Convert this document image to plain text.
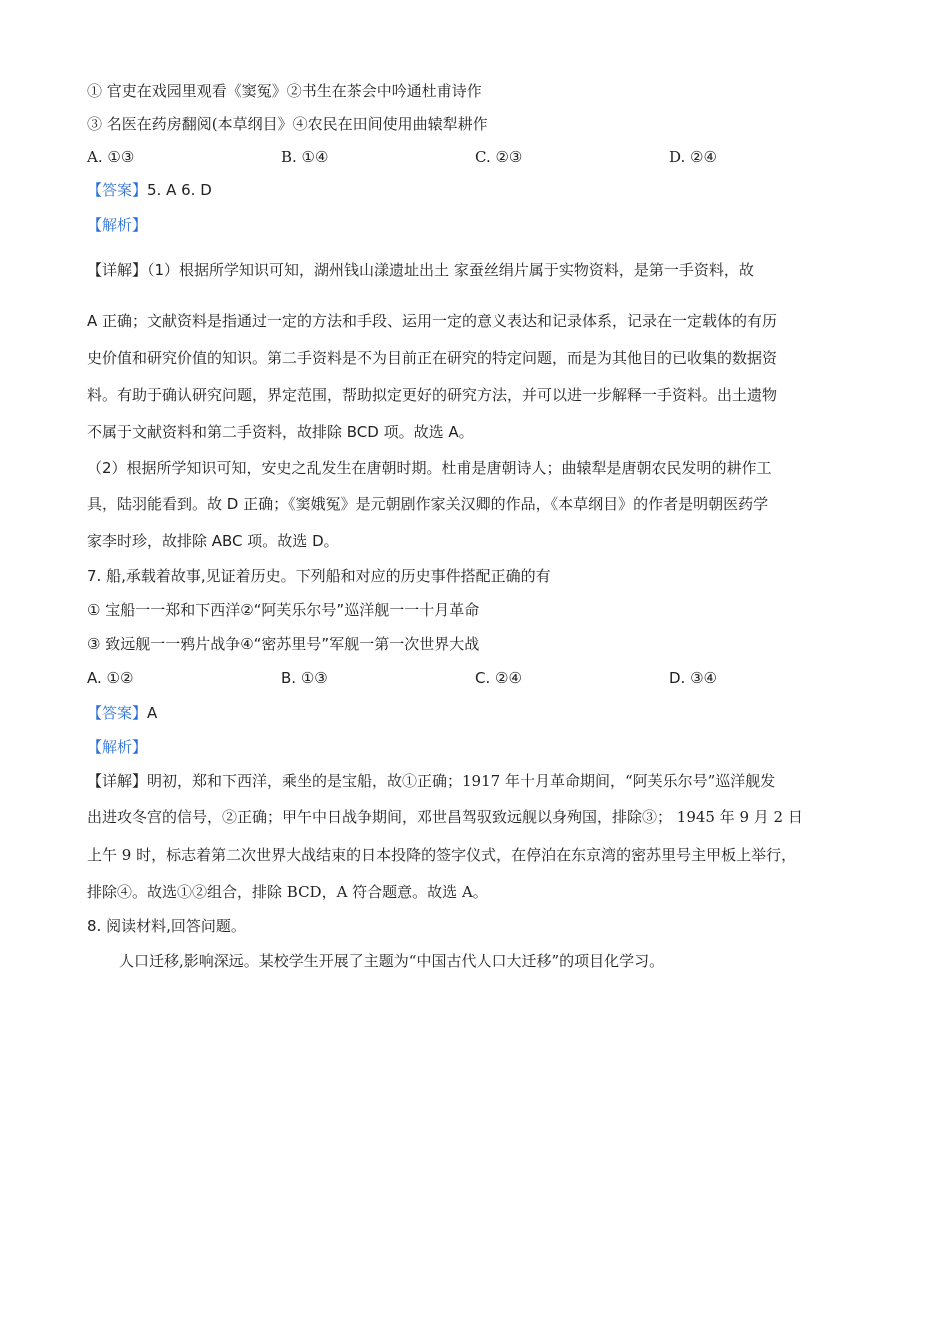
① 官吏在戏园里观看《窦冤》②书生在茶会中吟通杜甫诗作
③ 名医在药房翻阅(本草纲目》④农民在田间使用曲辕犁耕作
A. ①③	B. ①④	C. ②③	D. ②④
【答案】5. A 6. D
【解析】
【详解】（1）根据所学知识可知，湖州钱山漾遗址出土 家蚕丝绢片属于实物资料，是第一手资料，故
A 正确；文献资料是指通过一定的方法和手段、运用一定的意义表达和记录体系，记录在一定载体的有历
史价值和研究价值的知识。第二手资料是不为目前正在研究的特定问题，而是为其他目的已收集的数据资
料。有助于确认研究问题，界定范围，帮助拟定更好的研究方法，并可以进一步解释一手资料。出土遗物
不属于文献资料和第二手资料，故排除 BCD 项。故选 A。
（2）根据所学知识可知，安史之乱发生在唐朝时期。杜甫是唐朝诗人；曲辕犁是唐朝农民发明的耕作工
具，陆羽能看到。故 D 正确；《窦娥冤》是元朝剧作家关汉卿的作品，《本草纲目》的作者是明朝医药学
家李时珍，故排除 ABC 项。故选 D。
7. 船,承载着故事,见证着历史。下列船和对应的历史事件搭配正确的有
① 宝船一一郑和下西洋②“阿芙乐尔号”巡洋舰一一十月革命
③ 致远舰一一鸦片战争④“密苏里号”军舰一第一次世界大战
A. ①②	B. ①③	C. ②④	D. ③④
【答案】A
【解析】
【详解】明初，郑和下西洋，乘坐的是宝船，故①正确；1917 年十月革命期间，“阿芙乐尔号”巡洋舰发
出进攻冬宫的信号，②正确；甲午中日战争期间，邓世昌驾驭致远舰以身殉国，排除③； 1945 年 9 月 2 日
上午 9 时，标志着第二次世界大战结束的日本投降的签字仪式，在停泊在东京湾的密苏里号主甲板上举行，
排除④。故选①②组合，排除 BCD，A 符合题意。故选 A。
8. 阅读材料,回答问题。
人口迁移,影响深远。某校学生开展了主题为“中国古代人口大迁移”的项目化学习。
